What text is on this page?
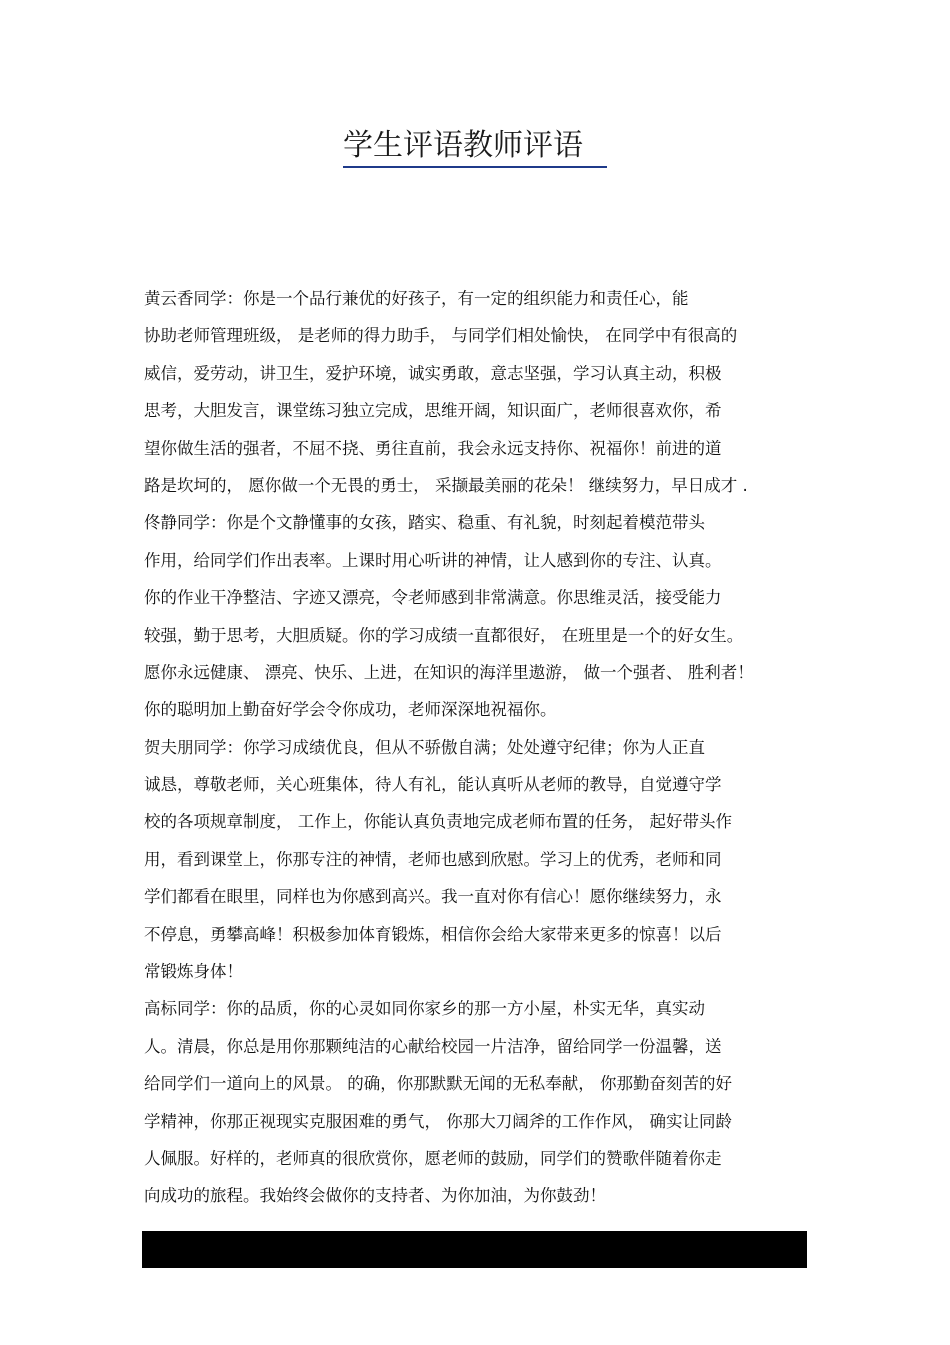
学生评语教师评语

黄云香同学：你是一个品行兼优的好孩子，有一定的组织能力和责任心，能
协助老师管理班级， 是老师的得力助手， 与同学们相处愉快， 在同学中有很高的
威信，爱劳动，讲卫生，爱护环境，诚实勇敢，意志坚强，学习认真主动，积极
思考，大胆发言，课堂练习独立完成，思维开阔，知识面广，老师很喜欢你，希
望你做生活的强者，不屈不挠、勇往直前，我会永远支持你、祝福你！前进的道
路是坎坷的， 愿你做一个无畏的勇士， 采撷最美丽的花朵！ 继续努力，早日成才 .

佟静同学：你是个文静懂事的女孩，踏实、稳重、有礼貌，时刻起着模范带头
作用，给同学们作出表率。上课时用心听讲的神情，让人感到你的专注、认真。
你的作业干净整洁、字迹又漂亮，令老师感到非常满意。你思维灵活，接受能力
较强，勤于思考，大胆质疑。你的学习成绩一直都很好， 在班里是一个的好女生。
愿你永远健康、 漂亮、快乐、上进，在知识的海洋里遨游， 做一个强者、 胜利者！
你的聪明加上勤奋好学会令你成功，老师深深地祝福你。

贺夫朋同学：你学习成绩优良，但从不骄傲自满；处处遵守纪律；你为人正直
诚恳，尊敬老师，关心班集体，待人有礼，能认真听从老师的教导，自觉遵守学
校的各项规章制度， 工作上，你能认真负责地完成老师布置的任务， 起好带头作
用，看到课堂上，你那专注的神情，老师也感到欣慰。学习上的优秀，老师和同
学们都看在眼里，同样也为你感到高兴。我一直对你有信心！愿你继续努力，永
不停息，勇攀高峰！积极参加体育锻炼，相信你会给大家带来更多的惊喜！以后
常锻炼身体！

高标同学：你的品质，你的心灵如同你家乡的那一方小屋，朴实无华，真实动
人。清晨，你总是用你那颗纯洁的心献给校园一片洁净，留给同学一份温馨，送
给同学们一道向上的风景。 的确，你那默默无闻的无私奉献， 你那勤奋刻苦的好
学精神，你那正视现实克服困难的勇气， 你那大刀阔斧的工作作风， 确实让同龄
人佩服。好样的，老师真的很欣赏你，愿老师的鼓励，同学们的赞歌伴随着你走
向成功的旅程。我始终会做你的支持者、为你加油，为你鼓劲！
